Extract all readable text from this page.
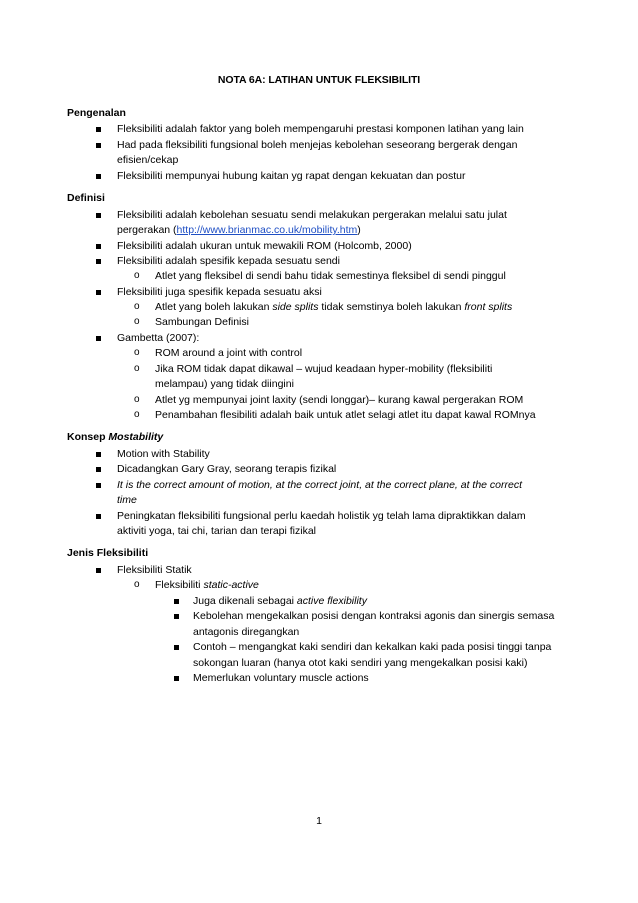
NOTA 6A: LATIHAN UNTUK FLEKSIBILITI
Pengenalan
Fleksibiliti adalah faktor yang boleh mempengaruhi prestasi komponen latihan yang lain
Had pada fleksibiliti fungsional boleh menjejas kebolehan seseorang bergerak dengan
efisien/cekap
Fleksibiliti mempunyai hubung kaitan yg rapat dengan kekuatan dan postur
Definisi
Fleksibiliti adalah kebolehan sesuatu sendi melakukan pergerakan melalui satu julat
pergerakan (http://www.brianmac.co.uk/mobility.htm)
Fleksibiliti adalah ukuran untuk mewakili ROM (Holcomb, 2000)
Fleksibiliti adalah spesifik kepada sesuatu sendi
o Atlet yang fleksibel di sendi bahu tidak semestinya fleksibel di sendi pinggul
Fleksibiliti juga spesifik kepada sesuatu aksi
o Atlet yang boleh lakukan side splits tidak semstinya boleh lakukan front splits
o Sambungan Definisi
Gambetta (2007):
o ROM around a joint with control
o Jika ROM tidak dapat dikawal – wujud keadaan hyper-mobility (fleksibiliti
melampau) yang tidak diingini
o Atlet yg mempunyai joint laxity (sendi longgar)– kurang kawal pergerakan ROM
o Penambahan flesibiliti adalah baik untuk atlet selagi atlet itu dapat kawal ROMnya
Konsep Mostability
Motion with Stability
Dicadangkan Gary Gray, seorang terapis fizikal
It is the correct amount of motion, at the correct joint, at the correct plane, at the correct
time
Peningkatan fleksibiliti fungsional perlu kaedah holistik yg telah lama dipraktikkan dalam
aktiviti yoga, tai chi, tarian dan terapi fizikal
Jenis Fleksibiliti
Fleksibiliti Statik
o Fleksibiliti static-active
Juga dikenali sebagai active flexibility
Kebolehan mengekalkan posisi dengan kontraksi agonis dan sinergis semasa
antagonis diregangkan
Contoh – mengangkat kaki sendiri dan kekalkan kaki pada posisi tinggi tanpa
sokongan luaran (hanya otot kaki sendiri yang mengekalkan posisi kaki)
Memerlukan voluntary muscle actions
1
